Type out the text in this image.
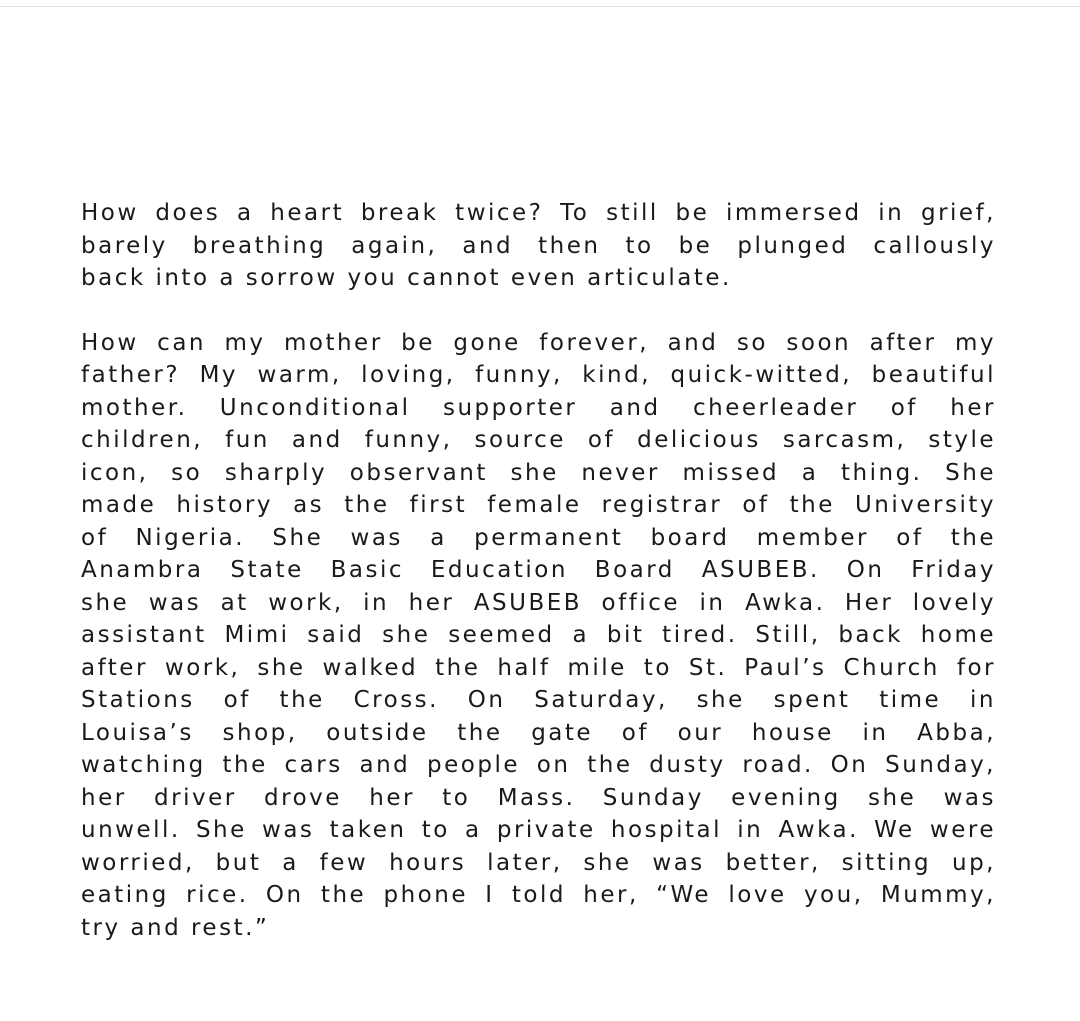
How does a heart break twice? To still be immersed in grief,
barely breathing again, and then to be plunged callously
back into a sorrow you cannot even articulate.

How can my mother be gone forever, and so soon after my
father? My warm, loving, funny, kind, quick-witted, beautiful
mother. Unconditional supporter and cheerleader of her
children, fun and funny, source of delicious sarcasm, style
icon, so sharply observant she never missed a thing. She
made history as the first female registrar of the University
of Nigeria. She was a permanent board member of the
Anambra State Basic Education Board ASUBEB. On Friday
she was at work, in her ASUBEB office in Awka. Her lovely
assistant Mimi said she seemed a bit tired. Still, back home
after work, she walked the half mile to St. Paul’s Church for
Stations of the Cross. On Saturday, she spent time in
Louisa’s shop, outside the gate of our house in Abba,
watching the cars and people on the dusty road. On Sunday,
her driver drove her to Mass. Sunday evening she was
unwell. She was taken to a private hospital in Awka. We were
worried, but a few hours later, she was better, sitting up,
eating rice. On the phone I told her, “We love you, Mummy,
try and rest.”
